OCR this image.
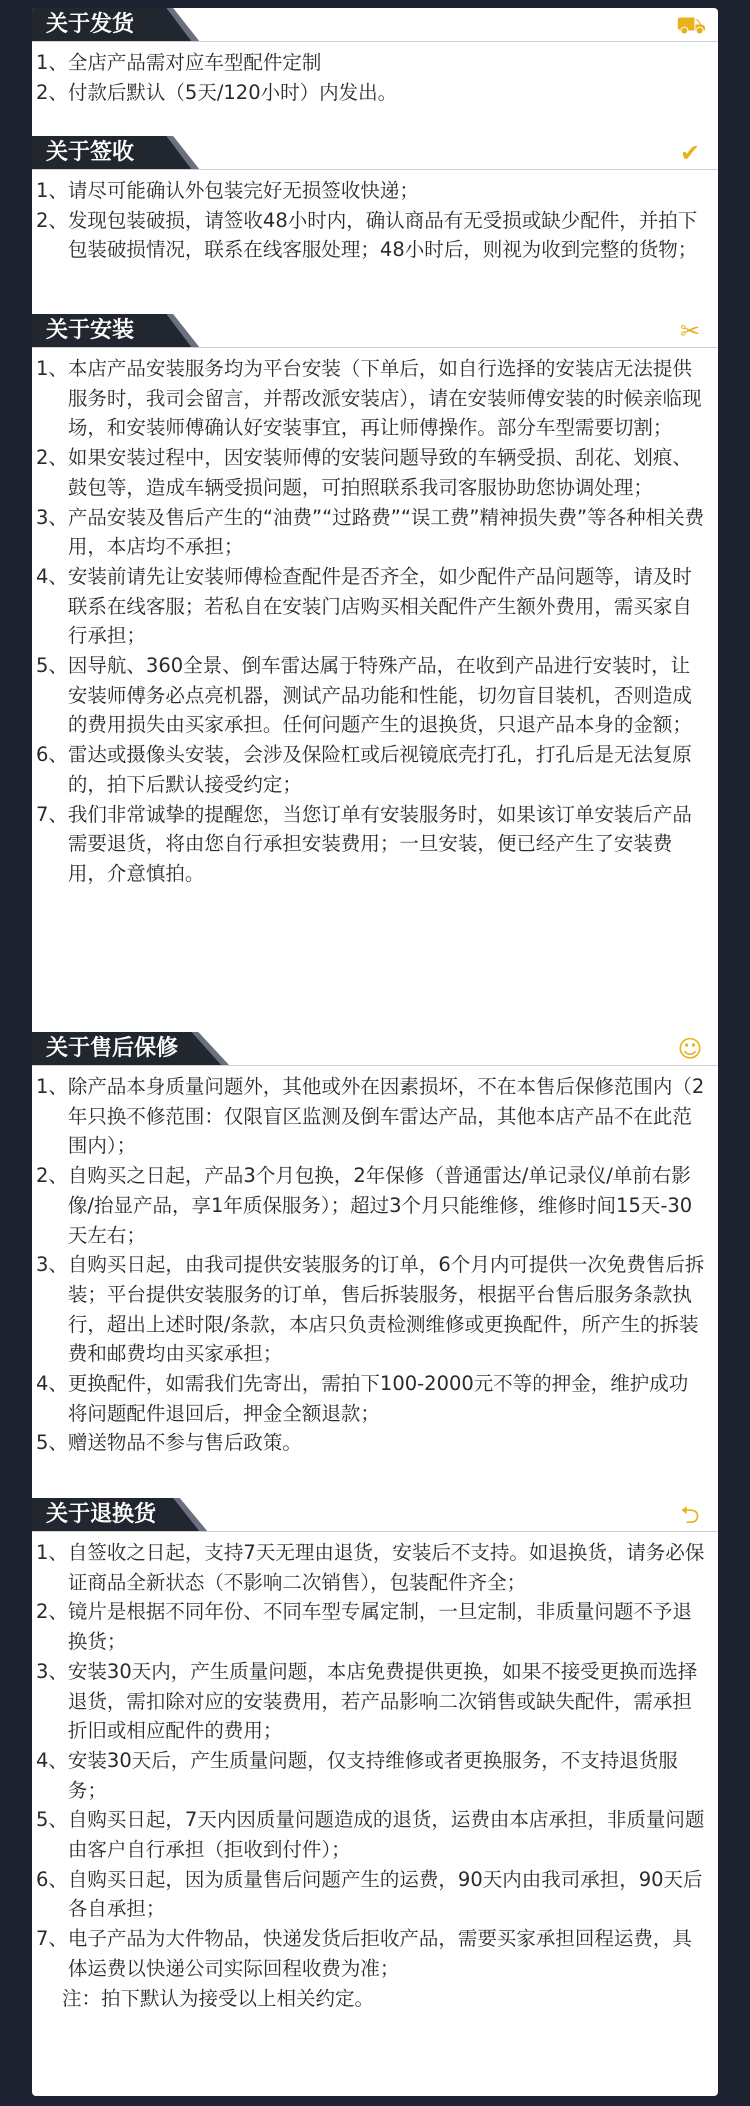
关于发货	⛟
1、 全店产品需对应车型配件定制
2、 付款后默认（5天/120小时）内发出。
关于签收	✔
1、 请尽可能确认外包装完好无损签收快递；
2、 发现包装破损，请签收48小时内，确认商品有无受损或缺少配件，并拍下包装破损情况，联系在线客服处理；48小时后，则视为收到完整的货物；
关于安装	✂
1、 本店产品安装服务均为平台安装（下单后，如自行选择的安装店无法提供服务时，我司会留言，并帮改派安装店），请在安装师傅安装的时候亲临现场，和安装师傅确认好安装事宜，再让师傅操作。部分车型需要切割；
2、 如果安装过程中，因安装师傅的安装问题导致的车辆受损、刮花、划痕、鼓包等，造成车辆受损问题，可拍照联系我司客服协助您协调处理；
3、 产品安装及售后产生的“油费”“过路费”“误工费”精神损失费”等各种相关费用，本店均不承担；
4、 安装前请先让安装师傅检查配件是否齐全，如少配件产品问题等，请及时联系在线客服；若私自在安装门店购买相关配件产生额外费用，需买家自行承担；
5、 因导航、360全景、倒车雷达属于特殊产品，在收到产品进行安装时，让安装师傅务必点亮机器，测试产品功能和性能，切勿盲目装机，否则造成的费用损失由买家承担。任何问题产生的退换货，只退产品本身的金额；
6、 雷达或摄像头安装，会涉及保险杠或后视镜底壳打孔，打孔后是无法复原的，拍下后默认接受约定；
7、 我们非常诚挚的提醒您，当您订单有安装服务时，如果该订单安装后产品需要退货，将由您自行承担安装费用；一旦安装，便已经产生了安装费用，介意慎拍。
关于售后保修	☺
1、 除产品本身质量问题外，其他或外在因素损坏，不在本售后保修范围内（2年只换不修范围：仅限盲区监测及倒车雷达产品，其他本店产品不在此范围内）；
2、 自购买之日起，产品3个月包换，2年保修（普通雷达/单记录仪/单前右影像/抬显产品，享1年质保服务）；超过3个月只能维修，维修时间15天-30天左右；
3、 自购买日起，由我司提供安装服务的订单，6个月内可提供一次免费售后拆装；平台提供安装服务的订单，售后拆装服务，根据平台售后服务条款执行，超出上述时限/条款，本店只负责检测维修或更换配件，所产生的拆装费和邮费均由买家承担；
4、 更换配件，如需我们先寄出，需拍下100-2000元不等的押金，维护成功将问题配件退回后，押金全额退款；
5、 赠送物品不参与售后政策。
关于退换货	⮌
1、 自签收之日起，支持7天无理由退货，安装后不支持。如退换货，请务必保证商品全新状态（不影响二次销售），包装配件齐全；
2、 镜片是根据不同年份、不同车型专属定制，一旦定制，非质量问题不予退换货；
3、 安装30天内，产生质量问题，本店免费提供更换，如果不接受更换而选择退货，需扣除对应的安装费用，若产品影响二次销售或缺失配件，需承担折旧或相应配件的费用；
4、 安装30天后，产生质量问题，仅支持维修或者更换服务，不支持退货服务；
5、 自购买日起，7天内因质量问题造成的退货，运费由本店承担，非质量问题由客户自行承担（拒收到付件）；
6、 自购买日起，因为质量售后问题产生的运费，90天内由我司承担，90天后各自承担；
7、 电子产品为大件物品，快递发货后拒收产品，需要买家承担回程运费，具体运费以快递公司实际回程收费为准；
注：拍下默认为接受以上相关约定。
